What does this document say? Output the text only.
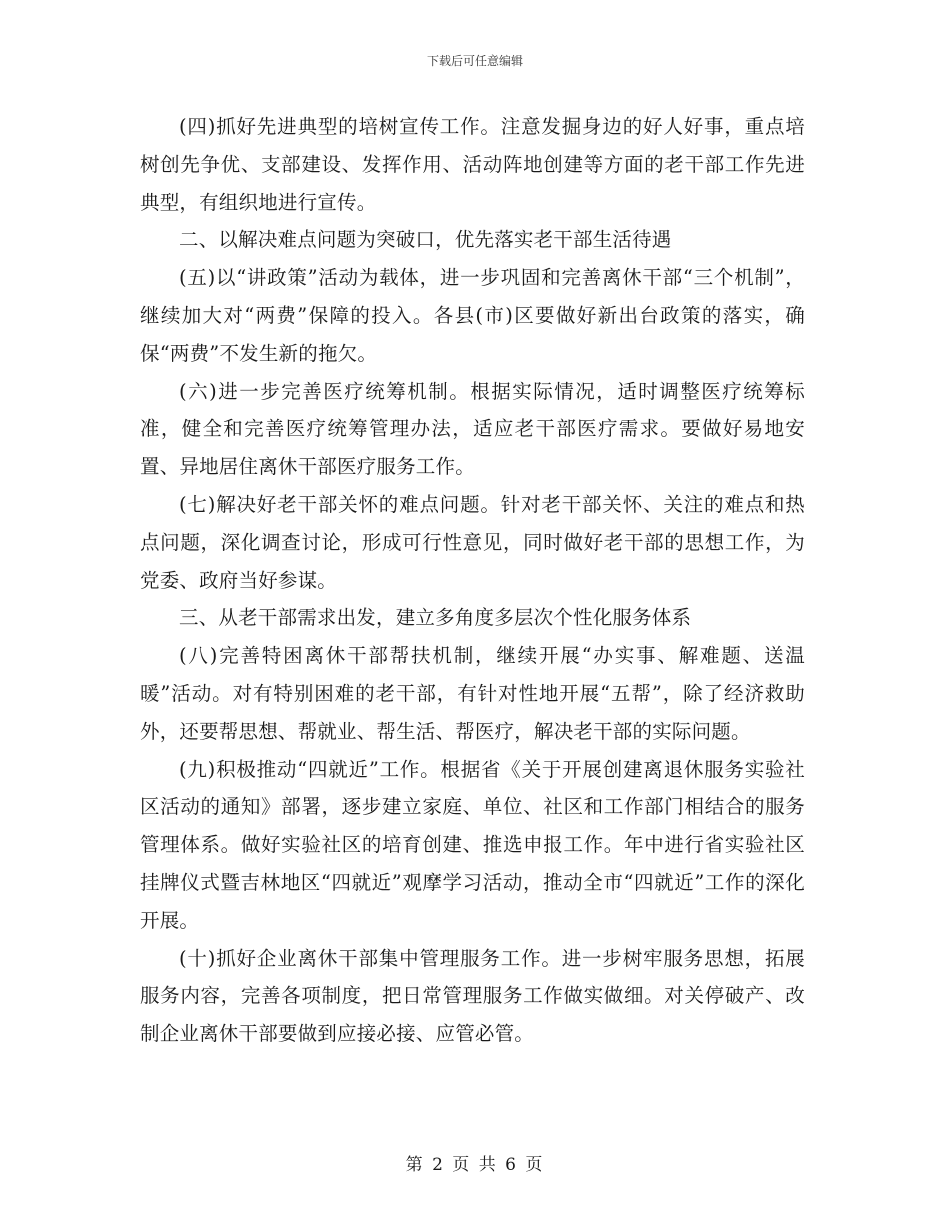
下载后可任意编辑

(四)抓好先进典型的培树宣传工作。注意发掘身边的好人好事，重点培树创先争优、支部建设、发挥作用、活动阵地创建等方面的老干部工作先进典型，有组织地进行宣传。

二、以解决难点问题为突破口，优先落实老干部生活待遇

(五)以“讲政策”活动为载体，进一步巩固和完善离休干部“三个机制”，继续加大对“两费”保障的投入。各县(市)区要做好新出台政策的落实，确保“两费”不发生新的拖欠。

(六)进一步完善医疗统筹机制。根据实际情况，适时调整医疗统筹标准，健全和完善医疗统筹管理办法，适应老干部医疗需求。要做好易地安置、异地居住离休干部医疗服务工作。

(七)解决好老干部关怀的难点问题。针对老干部关怀、关注的难点和热点问题，深化调查讨论，形成可行性意见，同时做好老干部的思想工作，为党委、政府当好参谋。

三、从老干部需求出发，建立多角度多层次个性化服务体系

(八)完善特困离休干部帮扶机制，继续开展“办实事、解难题、送温暖”活动。对有特别困难的老干部，有针对性地开展“五帮”，除了经济救助外，还要帮思想、帮就业、帮生活、帮医疗，解决老干部的实际问题。

(九)积极推动“四就近”工作。根据省《关于开展创建离退休服务实验社区活动的通知》部署，逐步建立家庭、单位、社区和工作部门相结合的服务管理体系。做好实验社区的培育创建、推选申报工作。年中进行省实验社区挂牌仪式暨吉林地区“四就近”观摩学习活动，推动全市“四就近”工作的深化开展。

(十)抓好企业离休干部集中管理服务工作。进一步树牢服务思想，拓展服务内容，完善各项制度，把日常管理服务工作做实做细。对关停破产、改制企业离休干部要做到应接必接、应管必管。

第 2 页 共 6 页
